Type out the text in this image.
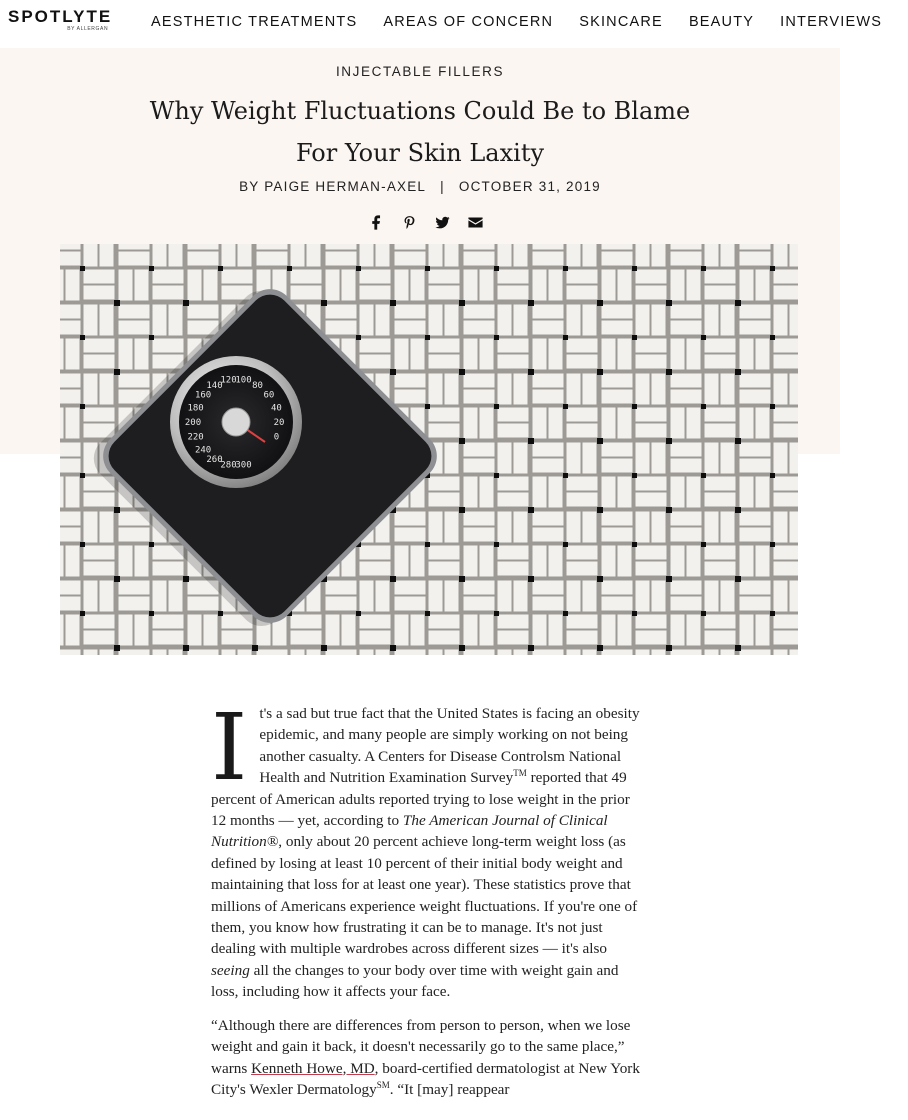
SPOTLYTE
BY ALLERGAN	AESTHETIC TREATMENTS AREAS OF CONCERN SKINCARE BEAUTY INTERVIEWS
INJECTABLE FILLERS
Why Weight Fluctuations Could Be to Blame For Your Skin Laxity
BY PAIGE HERMAN-AXEL | OCTOBER 31, 2019
0
20
40
60
80
100
120
140
160
180
200
220
240
260
280
300

It's a sad but true fact that the United States is facing an obesity epidemic, and many people are simply working on not being another casualty. A Centers for Disease Controlsm National Health and Nutrition Examination Survey™ reported that 49 percent of American adults reported trying to lose weight in the prior 12 months — yet, according to The American Journal of Clinical Nutrition®, only about 20 percent achieve long-term weight loss (as defined by losing at least 10 percent of their initial body weight and maintaining that loss for at least one year). These statistics prove that millions of Americans experience weight fluctuations. If you're one of them, you know how frustrating it can be to manage. It's not just dealing with multiple wardrobes across different sizes — it's also seeing all the changes to your body over time with weight gain and loss, including how it affects your face.

“Although there are differences from person to person, when we lose weight and gain it back, it doesn't necessarily go to the same place,” warns Kenneth Howe, MD, board-certified dermatologist at New York City's Wexler Dermatology℠. “It [may] reappear
